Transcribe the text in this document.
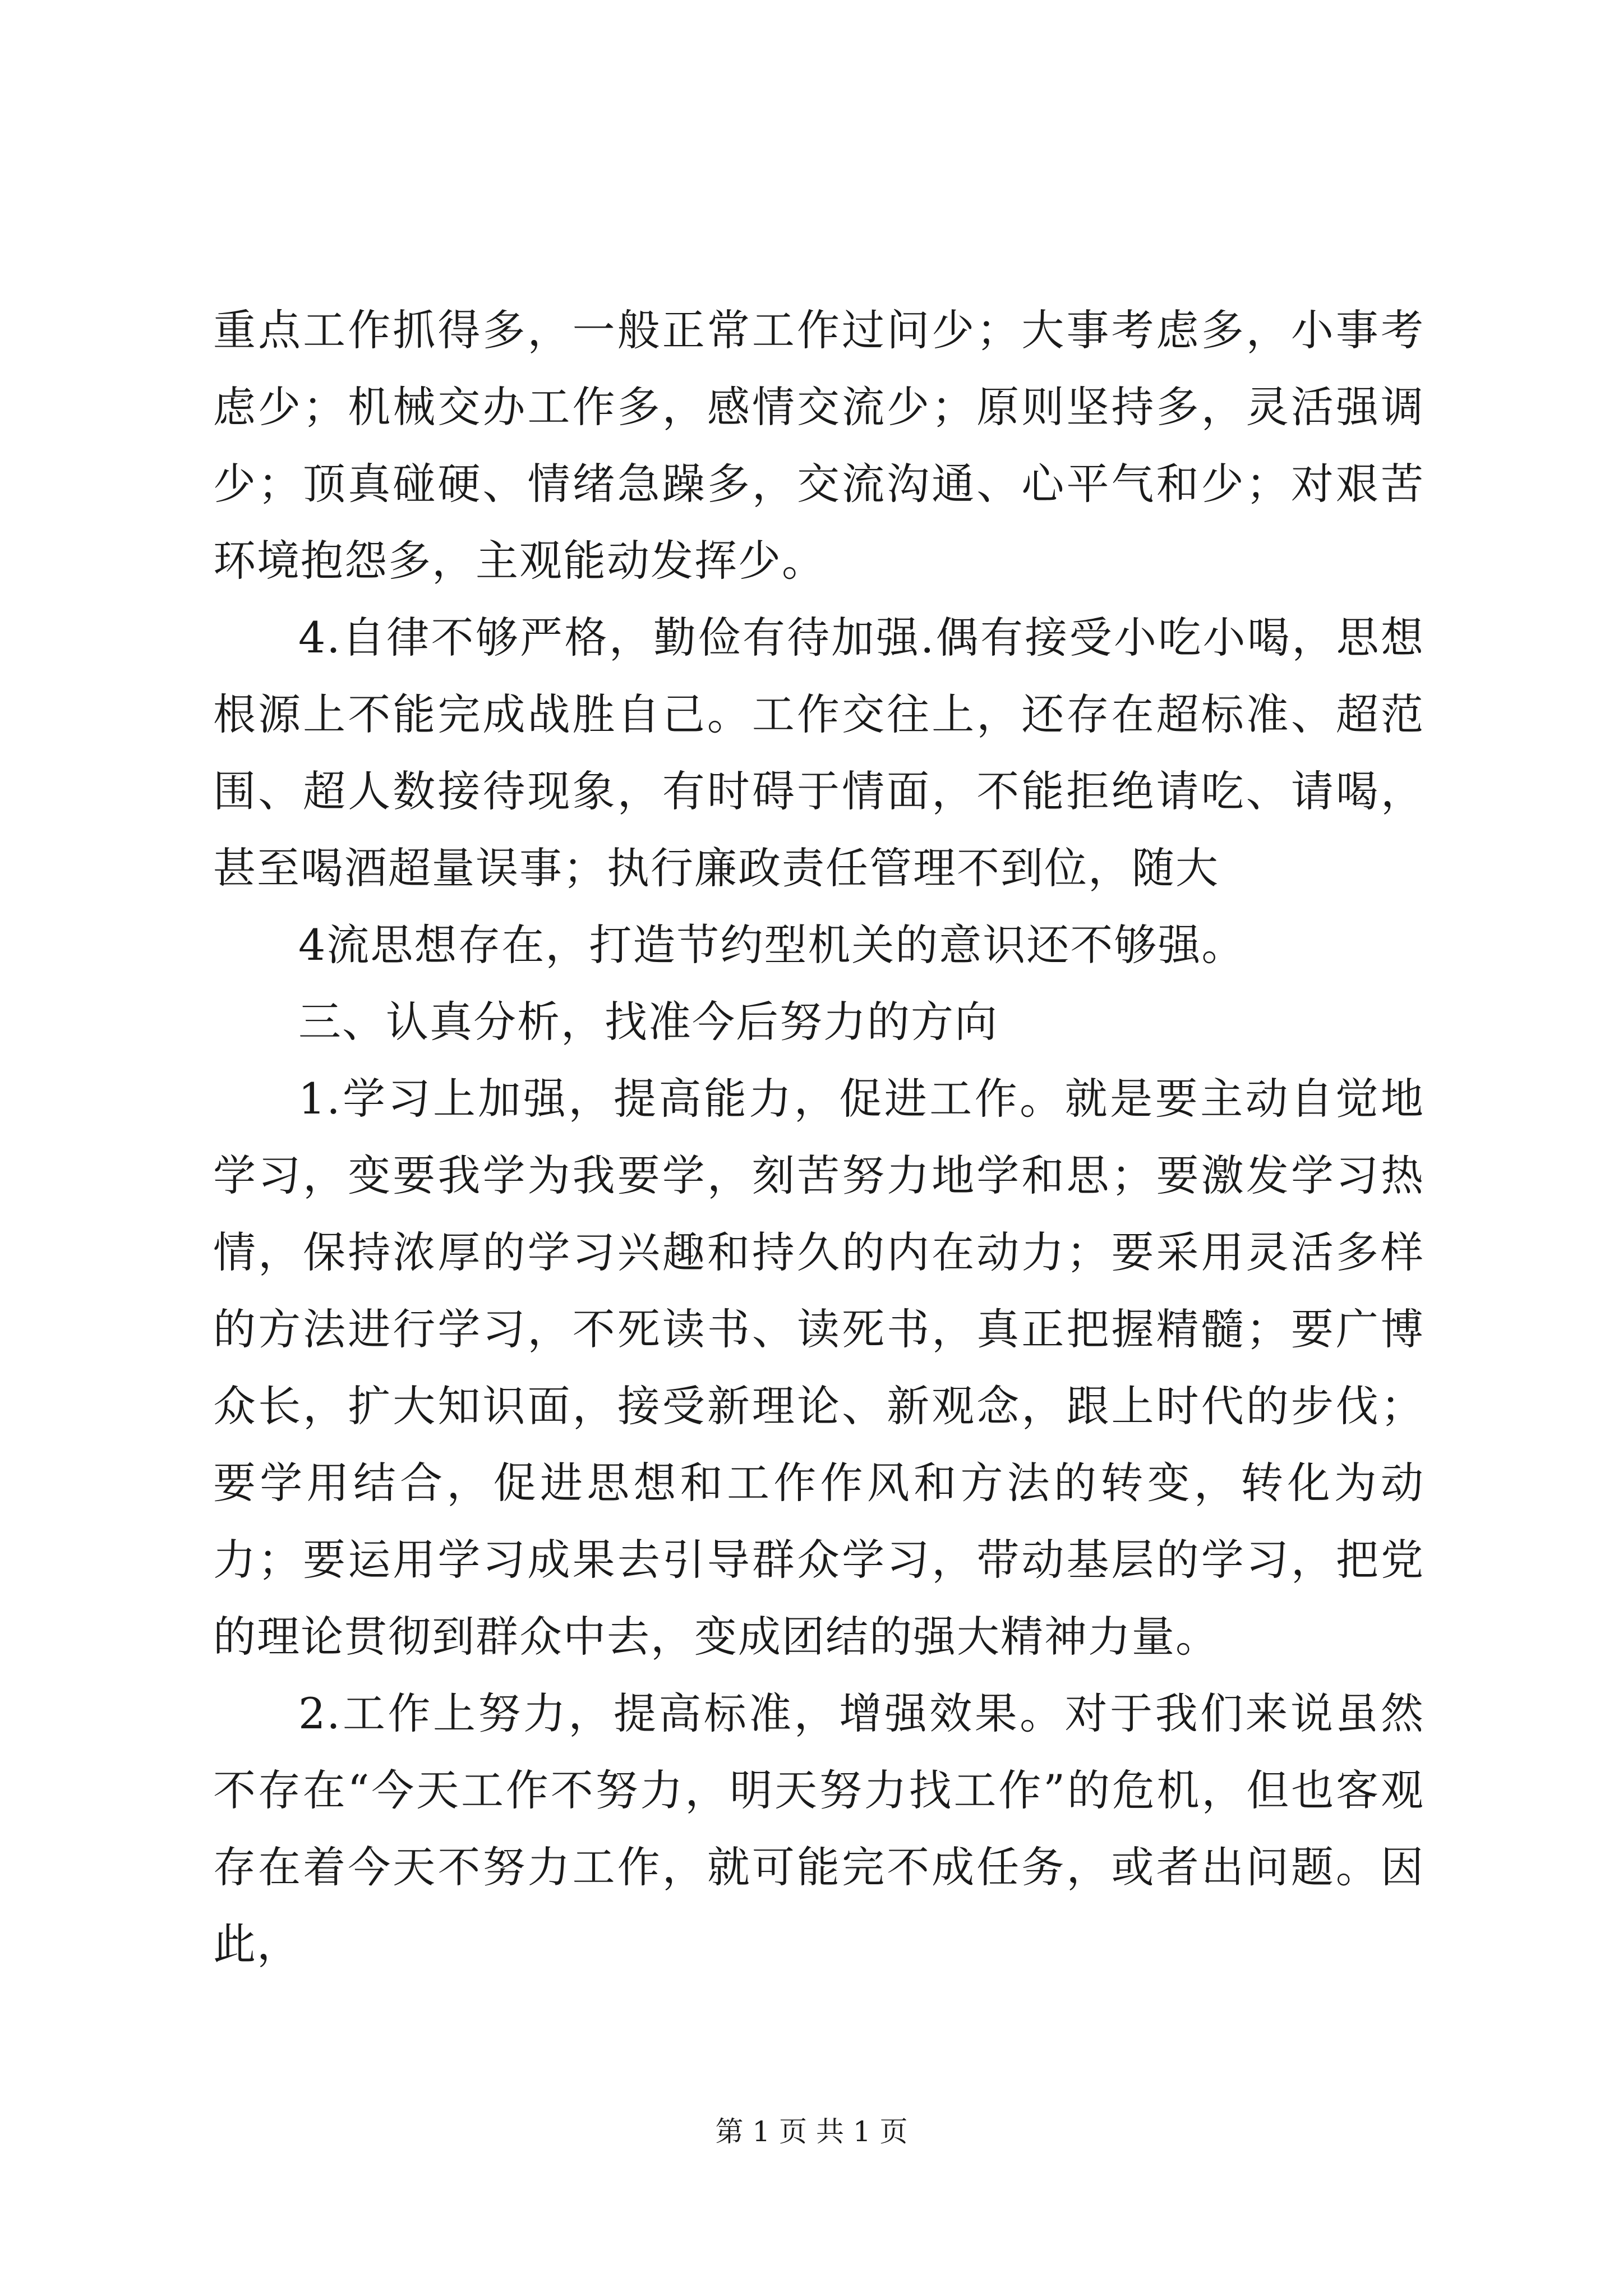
重点工作抓得多，一般正常工作过问少；大事考虑多，小事考虑少；机械交办工作多，感情交流少；原则坚持多，灵活强调少；顶真碰硬、情绪急躁多，交流沟通、心平气和少；对艰苦环境抱怨多，主观能动发挥少。

4.自律不够严格，勤俭有待加强.偶有接受小吃小喝，思想根源上不能完成战胜自己。工作交往上，还存在超标准、超范围、超人数接待现象，有时碍于情面，不能拒绝请吃、请喝，甚至喝酒超量误事；执行廉政责任管理不到位，随大

4流思想存在，打造节约型机关的意识还不够强。

三、认真分析，找准今后努力的方向

1.学习上加强，提高能力，促进工作。就是要主动自觉地学习，变要我学为我要学，刻苦努力地学和思；要激发学习热情，保持浓厚的学习兴趣和持久的内在动力；要采用灵活多样的方法进行学习，不死读书、读死书，真正把握精髓；要广博众长，扩大知识面，接受新理论、新观念，跟上时代的步伐；要学用结合，促进思想和工作作风和方法的转变，转化为动力；要运用学习成果去引导群众学习，带动基层的学习，把党的理论贯彻到群众中去，变成团结的强大精神力量。

2.工作上努力，提高标准，增强效果。对于我们来说虽然不存在“今天工作不努力，明天努力找工作”的危机，但也客观存在着今天不努力工作，就可能完不成任务，或者出问题。因此，

第 1 页 共 1 页
